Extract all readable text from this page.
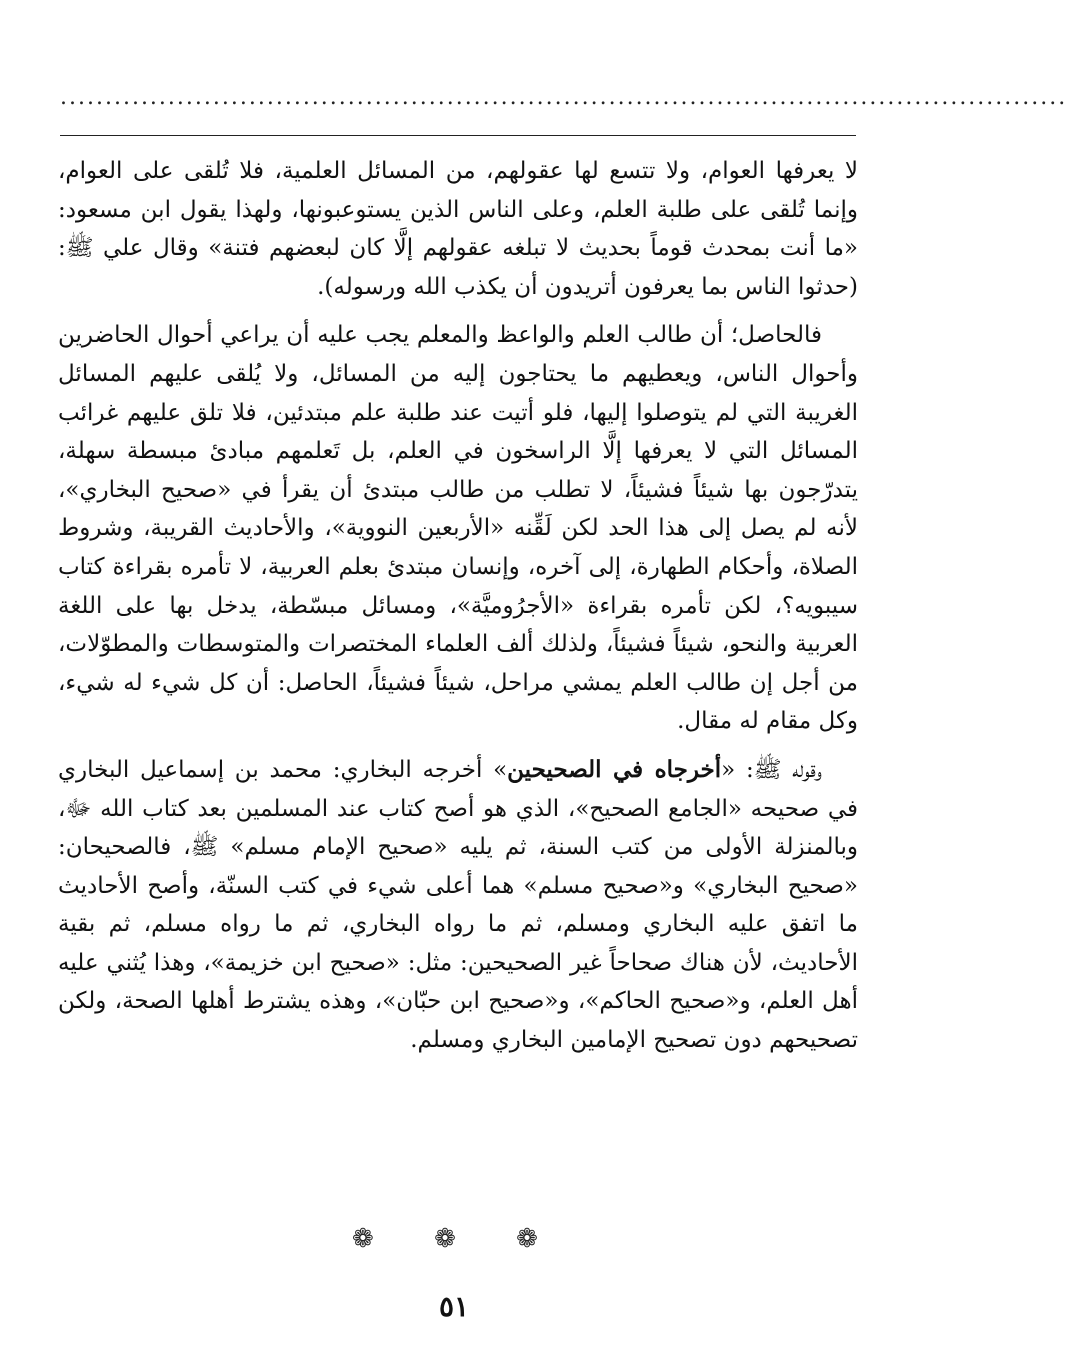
................................................................................................................

لا يعرفها العوام، ولا تتسع لها عقولهم، من المسائل العلمية، فلا تُلقى على العوام، وإنما تُلقى على طلبة العلم، وعلى الناس الذين يستوعبونها، ولهذا يقول ابن مسعود: «ما أنت بمحدث قوماً بحديث لا تبلغه عقولهم إلَّا كان لبعضهم فتنة» وقال علي ﷺ: (حدثوا الناس بما يعرفون أتريدون أن يكذب الله ورسوله).

فالحاصل؛ أن طالب العلم والواعظ والمعلم يجب عليه أن يراعي أحوال الحاضرين وأحوال الناس، ويعطيهم ما يحتاجون إليه من المسائل، ولا يُلقى عليهم المسائل الغريبة التي لم يتوصلوا إليها، فلو أتيت عند طلبة علم مبتدئين، فلا تلق عليهم غرائب المسائل التي لا يعرفها إلَّا الراسخون في العلم، بل تَعلمهم مبادئ مبسطة سهلة، يتدرّجون بها شيئاً فشيئاً، لا تطلب من طالب مبتدئ أن يقرأ في «صحيح البخاري»، لأنه لم يصل إلى هذا الحد لكن لَقِّنه «الأربعين النووية»، والأحاديث القريبة، وشروط الصلاة، وأحكام الطهارة، إلى آخره، وإنسان مبتدئ بعلم العربية، لا تأمره بقراءة كتاب سيبويه؟، لكن تأمره بقراءة «الأجرُوميَّة»، ومسائل مبسّطة، يدخل بها على اللغة العربية والنحو، شيئاً فشيئاً، ولذلك ألف العلماء المختصرات والمتوسطات والمطوّلات، من أجل إن طالب العلم يمشي مراحل، شيئاً فشيئاً، الحاصل: أن كل شيء له شيء، وكل مقام له مقال.

وقوله ﷺ: «أخرجاه في الصحيحين» أخرجه البخاري: محمد بن إسماعيل البخاري في صحيحه «الجامع الصحيح»، الذي هو أصح كتاب عند المسلمين بعد كتاب الله ﷻ، وبالمنزلة الأولى من كتب السنة، ثم يليه «صحيح الإمام مسلم» ﷺ، فالصحيحان: «صحيح البخاري» و«صحيح مسلم» هما أعلى شيء في كتب السنّة، وأصح الأحاديث ما اتفق عليه البخاري ومسلم، ثم ما رواه البخاري، ثم ما رواه مسلم، ثم بقية الأحاديث، لأن هناك صحاحاً غير الصحيحين: مثل: «صحيح ابن خزيمة»، وهذا يُثني عليه أهل العلم، و«صحيح الحاكم»، و«صحيح ابن حبّان»، وهذه يشترط أهلها الصحة، ولكن تصحيحهم دون تصحيح الإمامين البخاري ومسلم.

❁ ❁ ❁
٥١
